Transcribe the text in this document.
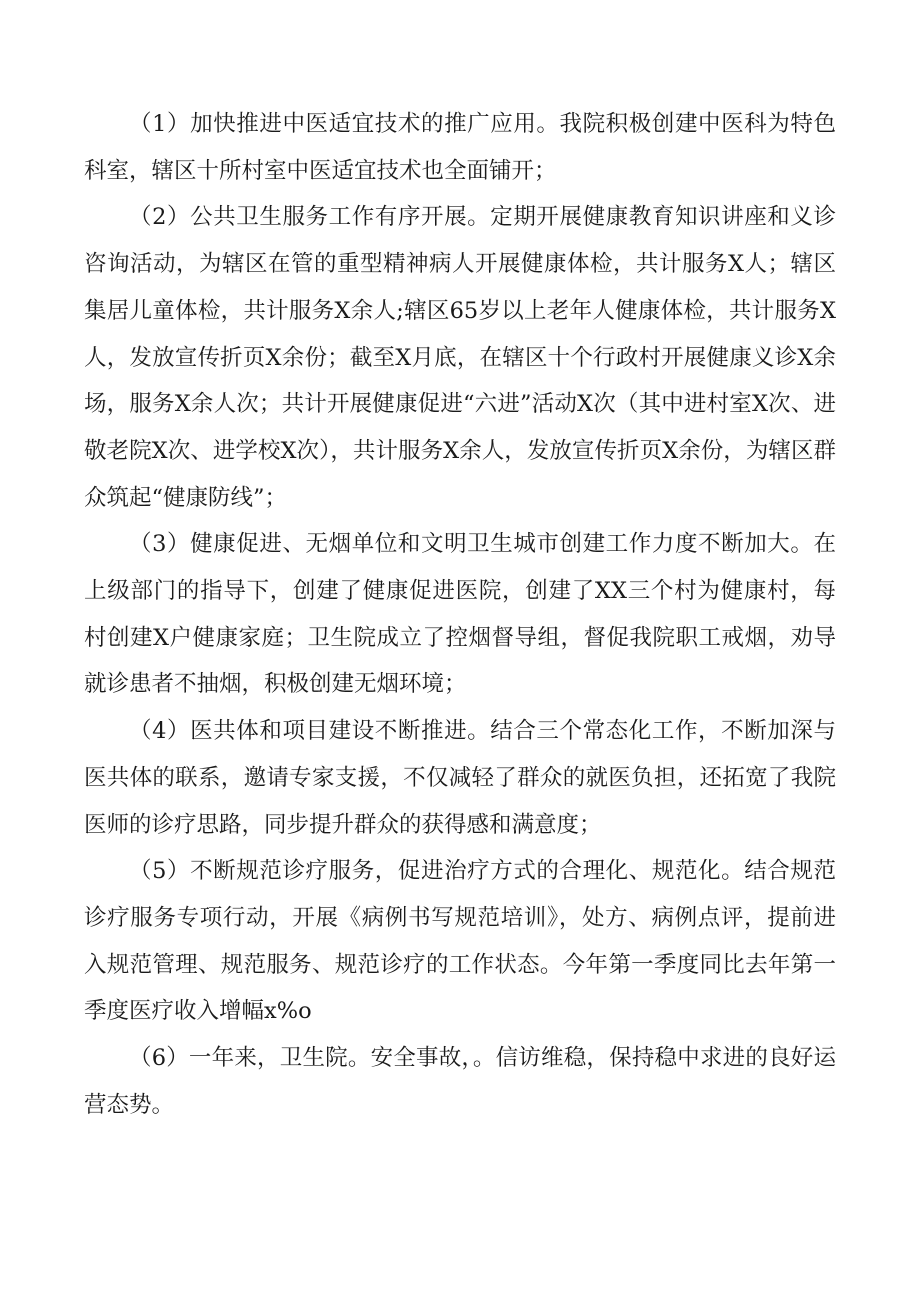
（1）加快推进中医适宜技术的推广应用。我院积极创建中医科为特色科室，辖区十所村室中医适宜技术也全面铺开；

（2）公共卫生服务工作有序开展。定期开展健康教育知识讲座和义诊咨询活动，为辖区在管的重型精神病人开展健康体检，共计服务X人；辖区集居儿童体检，共计服务X余人;辖区65岁以上老年人健康体检，共计服务X人，发放宣传折页X余份；截至X月底，在辖区十个行政村开展健康义诊X余场，服务X余人次；共计开展健康促进“六进”活动X次（其中进村室X次、进敬老院X次、进学校X次），共计服务X余人，发放宣传折页X余份，为辖区群众筑起“健康防线”；

（3）健康促进、无烟单位和文明卫生城市创建工作力度不断加大。在上级部门的指导下，创建了健康促进医院，创建了XX三个村为健康村，每村创建X户健康家庭；卫生院成立了控烟督导组，督促我院职工戒烟，劝导就诊患者不抽烟，积极创建无烟环境；

（4）医共体和项目建设不断推进。结合三个常态化工作，不断加深与医共体的联系，邀请专家支援，不仅减轻了群众的就医负担，还拓宽了我院医师的诊疗思路，同步提升群众的获得感和满意度；

（5）不断规范诊疗服务，促进治疗方式的合理化、规范化。结合规范诊疗服务专项行动，开展《病例书写规范培训》，处方、病例点评，提前进入规范管理、规范服务、规范诊疗的工作状态。今年第一季度同比去年第一季度医疗收入增幅x%o

（6）一年来，卫生院。安全事故，。信访维稳，保持稳中求进的良好运营态势。
